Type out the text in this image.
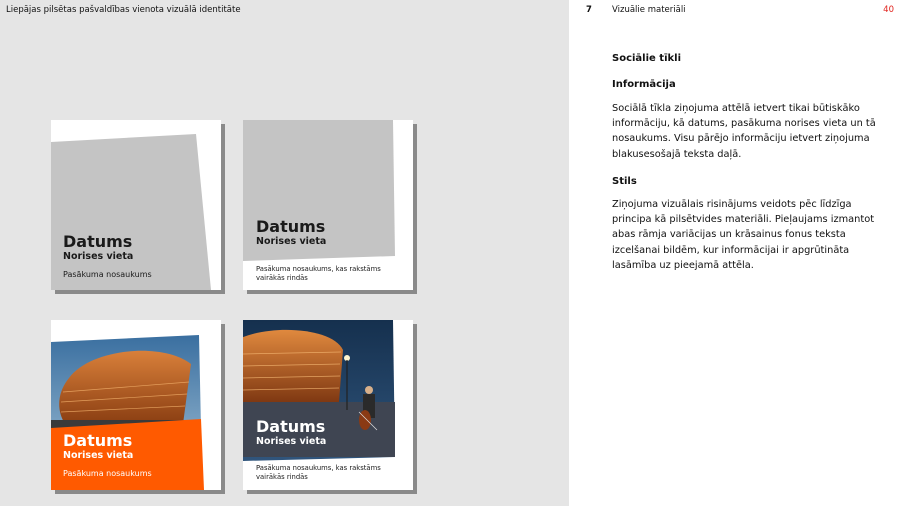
Liepājas pilsētas pašvaldības vienota vizuālā identitāte	7 Vizuālie materiāli	40
Datums
Norises vieta
Pasākuma nosaukums
Datums
Norises vieta
Pasākuma nosaukums, kas rakstāms vairākās rindās
Datums
Norises vieta
Pasākuma nosaukums
Datums
Norises vieta
Pasākuma nosaukums, kas rakstāms vairākās rindās
Sociālie tīkli
Informācija
Sociālā tīkla ziņojuma attēlā ietvert tikai būtiskāko informāciju, kā datums, pasākuma norises vieta un tā nosaukums. Visu pārējo informāciju ietvert ziņojuma blakusesošajā teksta daļā.
Stils
Ziņojuma vizuālais risinājums veidots pēc līdzīga principa kā pilsētvides materiāli. Pieļaujams izmantot abas rāmja variācijas un krāsainus fonus teksta izcelšanai bildēm, kur informācijai ir apgrūtināta lasāmība uz pieejamā attēla.
